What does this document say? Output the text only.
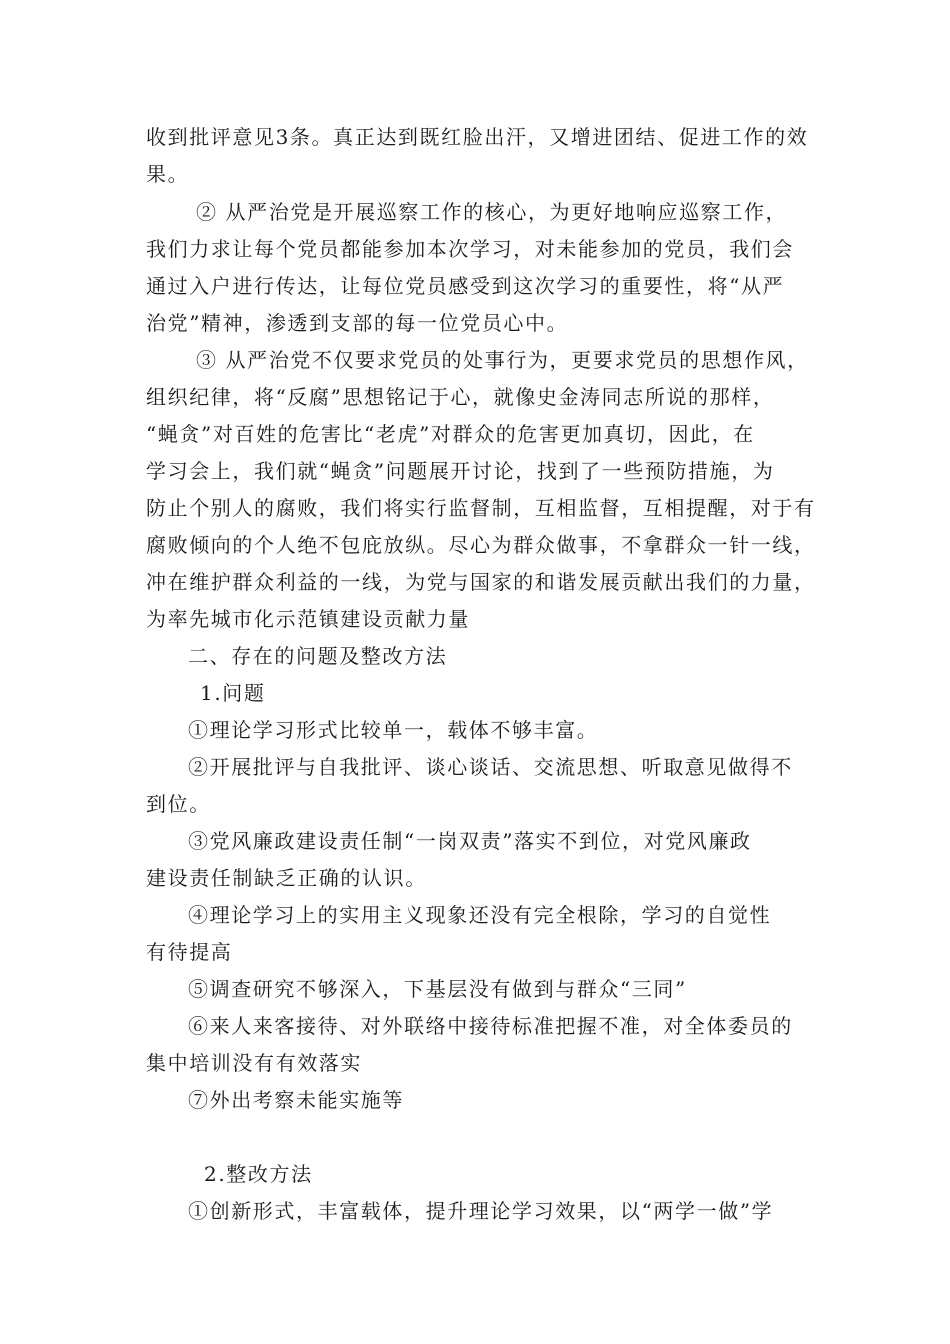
收到批评意见3条。真正达到既红脸出汗，又增进团结、促进工作的效
果。
② 从严治党是开展巡察工作的核心，为更好地响应巡察工作，
我们力求让每个党员都能参加本次学习，对未能参加的党员，我们会
通过入户进行传达，让每位党员感受到这次学习的重要性，将“从严
治党”精神，渗透到支部的每一位党员心中。
③ 从严治党不仅要求党员的处事行为，更要求党员的思想作风，
组织纪律，将“反腐”思想铭记于心，就像史金涛同志所说的那样，
“蝇贪”对百姓的危害比“老虎”对群众的危害更加真切，因此，在
学习会上，我们就“蝇贪”问题展开讨论，找到了一些预防措施，为
防止个别人的腐败，我们将实行监督制，互相监督，互相提醒，对于有
腐败倾向的个人绝不包庇放纵。尽心为群众做事，不拿群众一针一线，
冲在维护群众利益的一线，为党与国家的和谐发展贡献出我们的力量，
为率先城市化示范镇建设贡献力量
二、存在的问题及整改方法
1.问题
①理论学习形式比较单一，载体不够丰富。
②开展批评与自我批评、谈心谈话、交流思想、听取意见做得不
到位。
③党风廉政建设责任制“一岗双责”落实不到位，对党风廉政
建设责任制缺乏正确的认识。
④理论学习上的实用主义现象还没有完全根除，学习的自觉性
有待提高
⑤调查研究不够深入，下基层没有做到与群众“三同”
⑥来人来客接待、对外联络中接待标准把握不准，对全体委员的
集中培训没有有效落实
⑦外出考察未能实施等
2.整改方法
①创新形式，丰富载体，提升理论学习效果，以“两学一做”学
